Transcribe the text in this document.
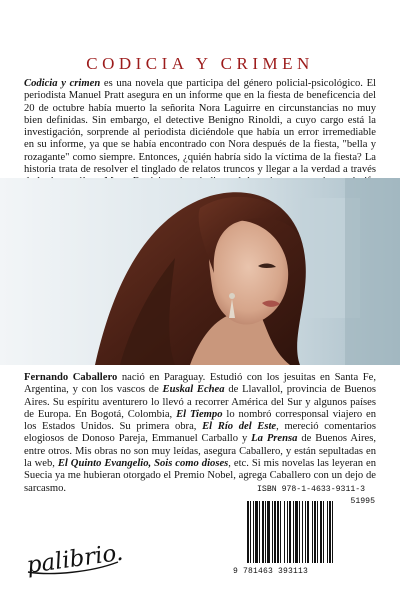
CODICIA Y CRIMEN

Codicia y crimen es una novela que participa del género policial-psicológico. El periodista Manuel Pratt asegura en un informe que en la fiesta de beneficencia del 20 de octubre había muerto la señorita Nora Laguirre en circunstancias no muy bien definidas. Sin embargo, el detective Benigno Rinoldi, a cuyo cargo está la investigación, sorprende al periodista diciéndole que había un error irremediable en su informe, ya que se había encontrado con Nora después de la fiesta, "bella y rozagante" como siempre. Entonces, ¿quién habría sido la víctima de la fiesta? La historia trata de resolver el tinglado de relatos truncos y llegar a la verdad a través

Fernando Caballero nació en Paraguay. Estudió con los jesuitas en Santa Fe, Argentina, y con los vascos de Euskal Echea de Llavallol, provincia de Buenos Aires. Su espíritu aventurero lo llevó a recorrer América del Sur y algunos países de Europa. En Bogotá, Colombia, El Tiempo lo nombró corresponsal viajero en los Estados Unidos. Su primera obra, El Río del Este, mereció comentarios elogiosos de Donoso Pareja, Emmanuel Carballo y La Prensa de Buenos Aires, entre otros. Mis obras no son muy leídas, asegura Caballero, y están sepultadas en la web, El Quinto Evangelio, Sois como dioses, etc. Si mis novelas las leyeran en Suecia ya me hubieran otorgado el Premio Nobel, agrega Caballero con un dejo de sarcasmo.

palibrio.
ISBN 978-1-4633-9311-3
51995
9 781463 393113
